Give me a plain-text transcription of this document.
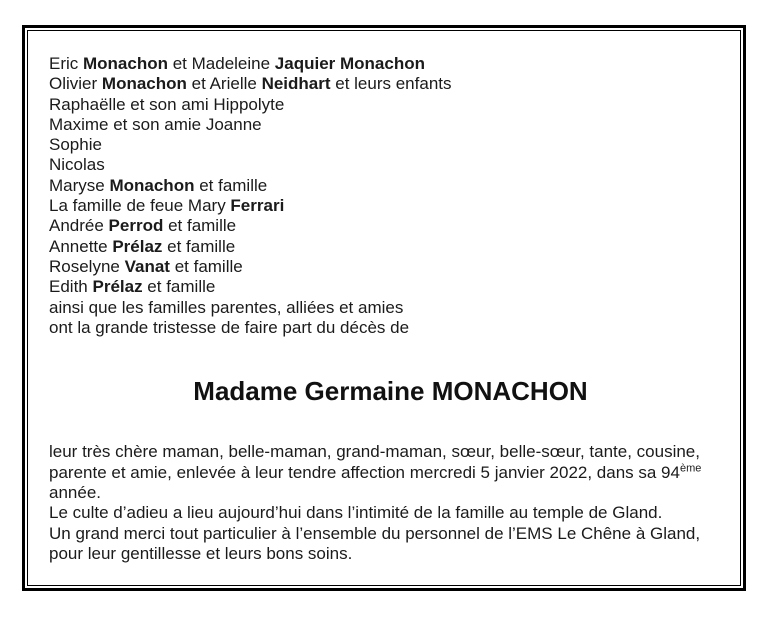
Eric Monachon et Madeleine Jaquier Monachon
Olivier Monachon et Arielle Neidhart et leurs enfants
Raphaëlle et son ami Hippolyte
Maxime et son amie Joanne
Sophie
Nicolas
Maryse Monachon et famille
La famille de feue Mary Ferrari
Andrée Perrod et famille
Annette Prélaz et famille
Roselyne Vanat et famille
Edith Prélaz et famille
ainsi que les familles parentes, alliées et amies
ont la grande tristesse de faire part du décès de
Madame Germaine MONACHON
leur très chère maman, belle-maman, grand-maman, sœur, belle-sœur, tante, cousine,
parente et amie, enlevée à leur tendre affection mercredi 5 janvier 2022, dans sa 94ème
année.
Le culte d’adieu a lieu aujourd’hui dans l’intimité de la famille au temple de Gland.
Un grand merci tout particulier à l’ensemble du personnel de l’EMS Le Chêne à Gland,
pour leur gentillesse et leurs bons soins.
